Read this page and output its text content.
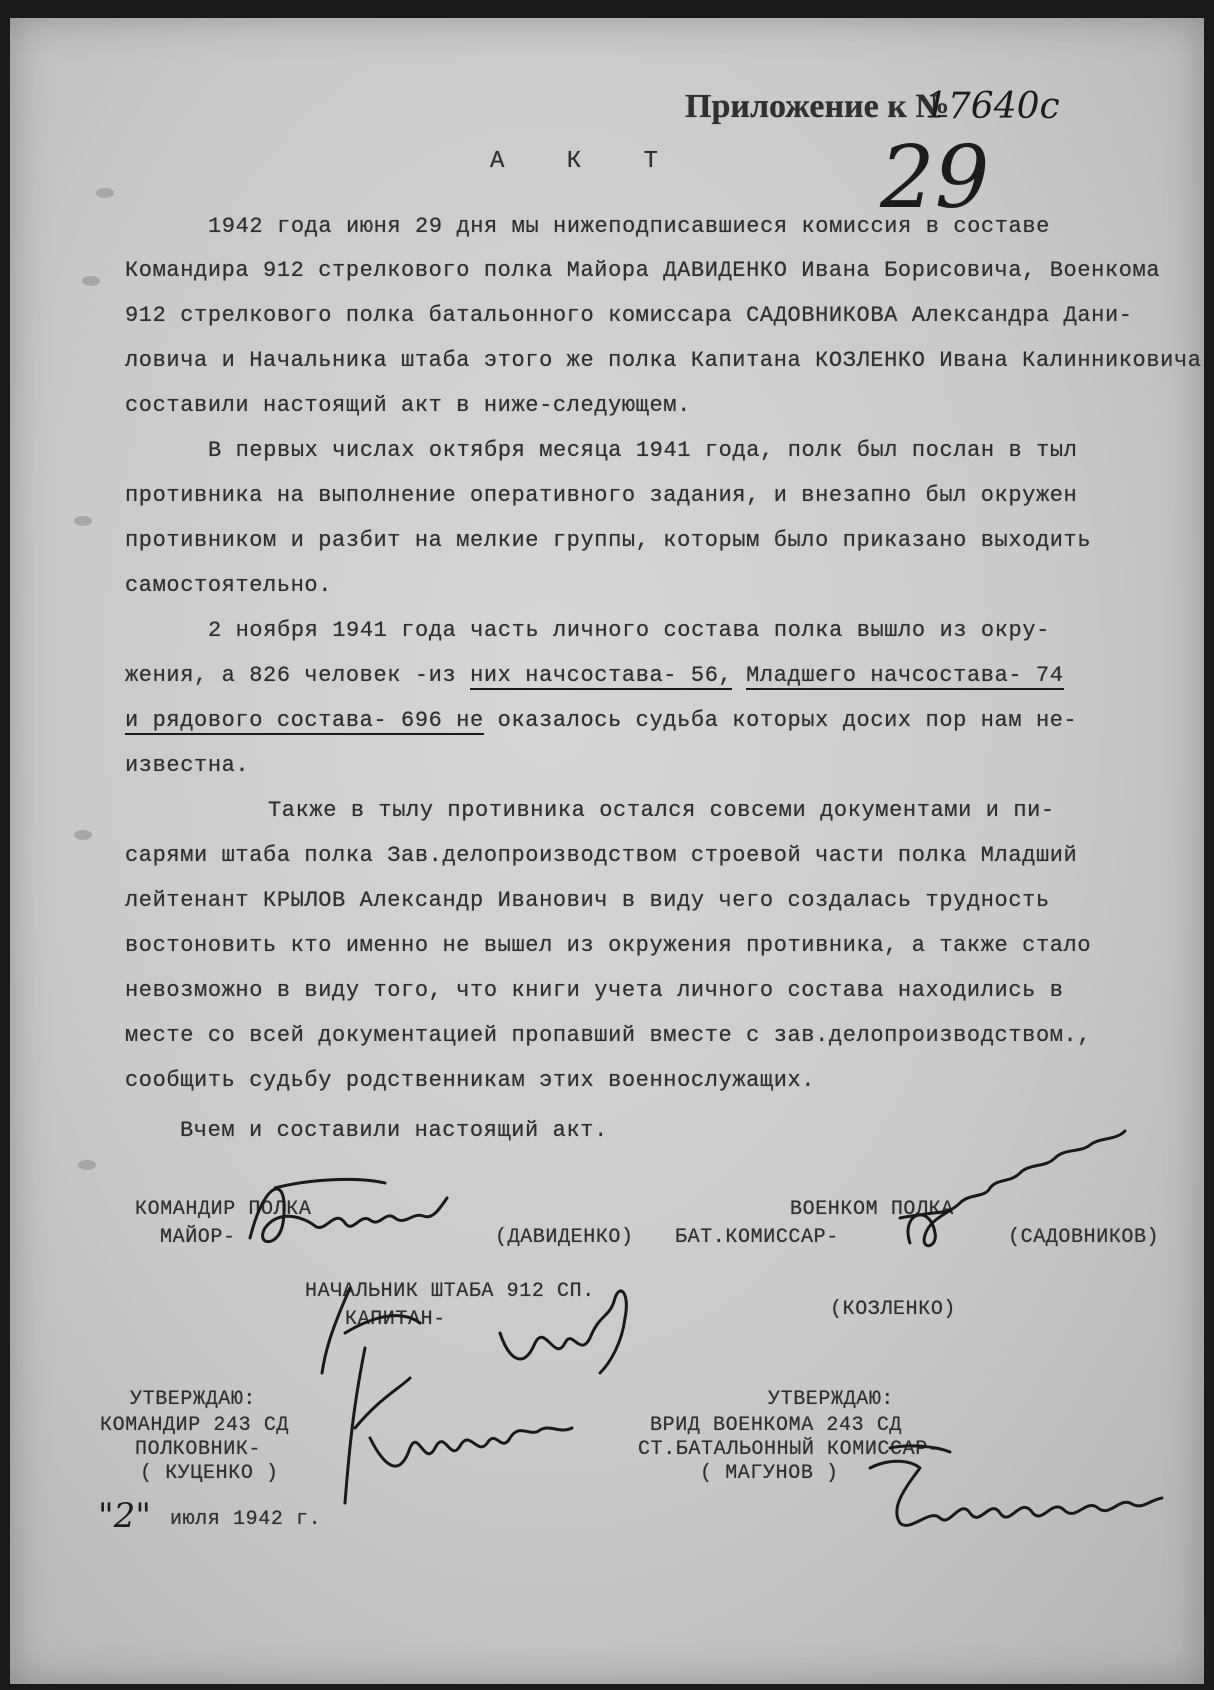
Приложение к №
17640с
29
А К Т
1942 года июня 29 дня мы нижеподписавшиеся комиссия в составе
Командира 912 стрелкового полка Майора ДАВИДЕНКО Ивана Борисовича, Военкома
912 стрелкового полка батальонного комиссара САДОВНИКОВА Александра Дани-
ловича и Начальника штаба этого же полка Капитана КОЗЛЕНКО Ивана Калинниковича
составили настоящий акт в ниже-следующем.
В первых числах октября месяца 1941 года, полк был послан в тыл
противника на выполнение оперативного задания, и внезапно был окружен
противником и разбит на мелкие группы, которым было приказано выходить
самостоятельно.
2 ноября 1941 года часть личного состава полка вышло из окру-
жения, а 826 человек -из них начсостава- 56, Младшего начсостава- 74
и рядового состава- 696 не оказалось судьба которых досих пор нам не-
известна.
Также в тылу противника остался совсеми документами и пи-
сарями штаба полка Зав.делопроизводством строевой части полка Младший
лейтенант КРЫЛОВ Александр Иванович в виду чего создалась трудность
востоновить кто именно не вышел из окружения противника, а также стало
невозможно в виду того, что книги учета личного состава находились в
месте со всей документацией пропавший вместе с зав.делопроизводством.,
сообщить судьбу родственникам этих военнослужащих.
Вчем и составили настоящий акт.
КОМАНДИР ПОЛКА
МАЙОР-	(ДАВИДЕНКО)
ВОЕНКОМ ПОЛКА
БАТ.КОМИССАР-	(САДОВНИКОВ)
НАЧАЛЬНИК ШТАБА 912 СП.
КАПИТАН-	(КОЗЛЕНКО)
УТВЕРЖДАЮ:
КОМАНДИР 243 СД
ПОЛКОВНИК-
( КУЦЕНКО )
УТВЕРЖДАЮ:
ВРИД ВОЕНКОМА 243 СД
СТ.БАТАЛЬОННЫЙ КОМИССАР-
( МАГУНОВ )
"2" июля 1942 г.
